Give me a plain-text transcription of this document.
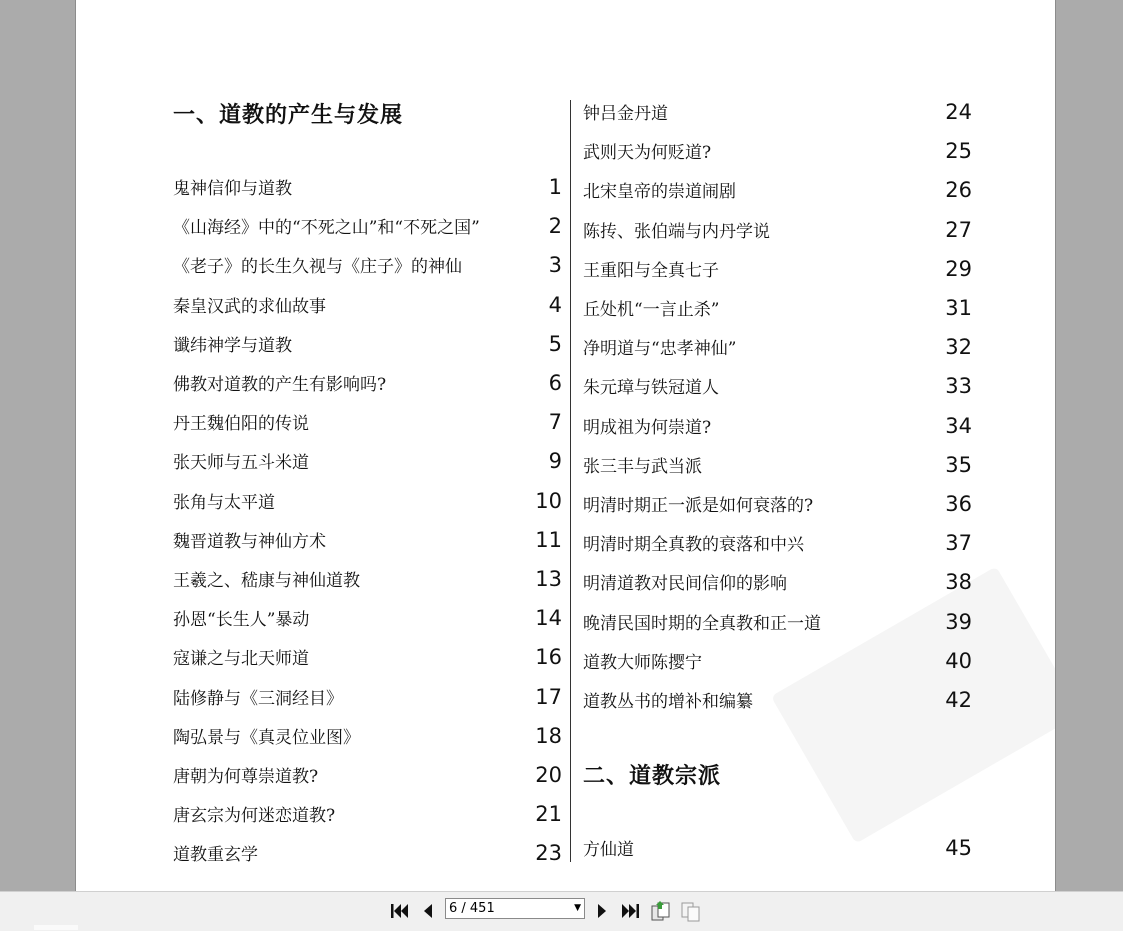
一、道教的产生与发展
鬼神信仰与道教	1
《山海经》中的“不死之山”和“不死之国”	2
《老子》的长生久视与《庄子》的神仙	3
秦皇汉武的求仙故事	4
谶纬神学与道教	5
佛教对道教的产生有影响吗?	6
丹王魏伯阳的传说	7
张天师与五斗米道	9
张角与太平道	10
魏晋道教与神仙方术	11
王羲之、嵇康与神仙道教	13
孙恩“长生人”暴动	14
寇谦之与北天师道	16
陆修静与《三洞经目》	17
陶弘景与《真灵位业图》	18
唐朝为何尊崇道教?	20
唐玄宗为何迷恋道教?	21
道教重玄学	23
钟吕金丹道	24
武则天为何贬道?	25
北宋皇帝的崇道闹剧	26
陈抟、张伯端与内丹学说	27
王重阳与全真七子	29
丘处机“一言止杀”	31
净明道与“忠孝神仙”	32
朱元璋与铁冠道人	33
明成祖为何崇道?	34
张三丰与武当派	35
明清时期正一派是如何衰落的?	36
明清时期全真教的衰落和中兴	37
明清道教对民间信仰的影响	38
晚清民国时期的全真教和正一道	39
道教大师陈撄宁	40
道教丛书的增补和编纂	42
二、道教宗派
方仙道	45
6 / 451	▼
